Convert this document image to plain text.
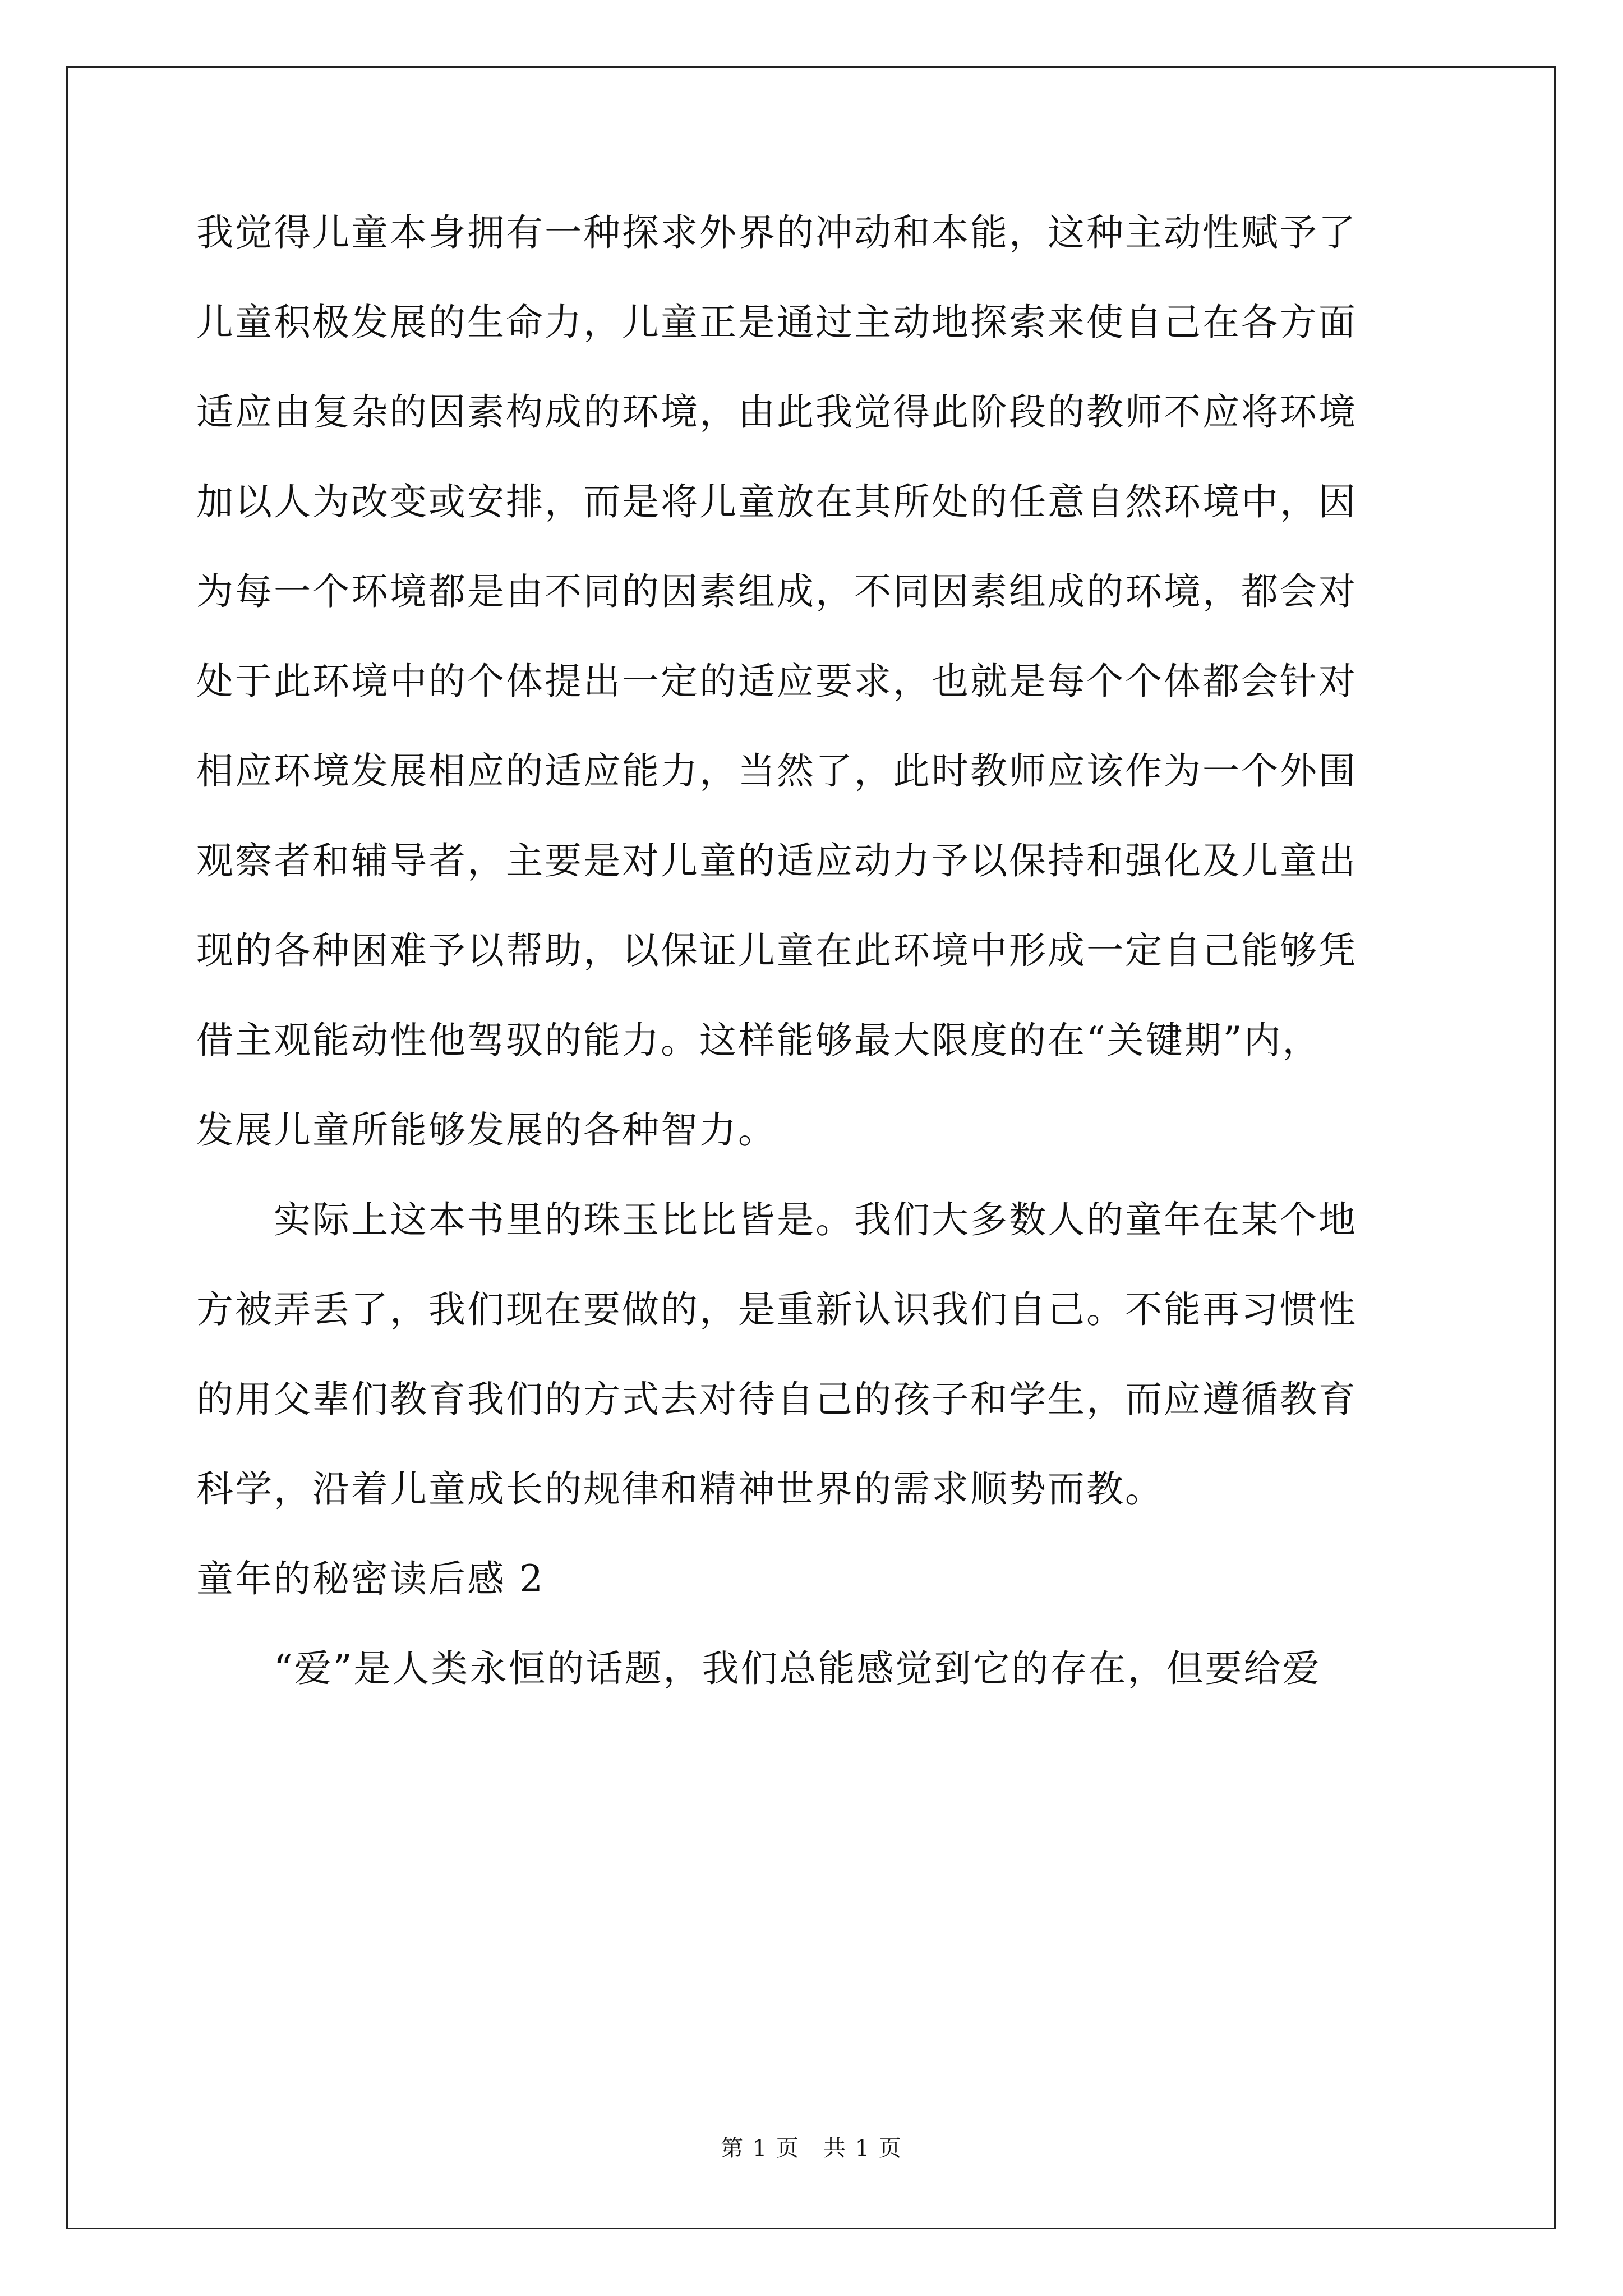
我觉得儿童本身拥有一种探求外界的冲动和本能，这种主动性赋予了
儿童积极发展的生命力，儿童正是通过主动地探索来使自己在各方面
适应由复杂的因素构成的环境，由此我觉得此阶段的教师不应将环境
加以人为改变或安排，而是将儿童放在其所处的任意自然环境中，因
为每一个环境都是由不同的因素组成，不同因素组成的环境，都会对
处于此环境中的个体提出一定的适应要求，也就是每个个体都会针对
相应环境发展相应的适应能力，当然了，此时教师应该作为一个外围
观察者和辅导者，主要是对儿童的适应动力予以保持和强化及儿童出
现的各种困难予以帮助，以保证儿童在此环境中形成一定自己能够凭
借主观能动性他驾驭的能力。这样能够最大限度的在“关键期”内，
发展儿童所能够发展的各种智力。
　　实际上这本书里的珠玉比比皆是。我们大多数人的童年在某个地
方被弄丢了，我们现在要做的，是重新认识我们自己。不能再习惯性
的用父辈们教育我们的方式去对待自己的孩子和学生，而应遵循教育
科学，沿着儿童成长的规律和精神世界的需求顺势而教。
童年的秘密读后感 2
　　“爱”是人类永恒的话题，我们总能感觉到它的存在，但要给爱
第 1 页　共 1 页
